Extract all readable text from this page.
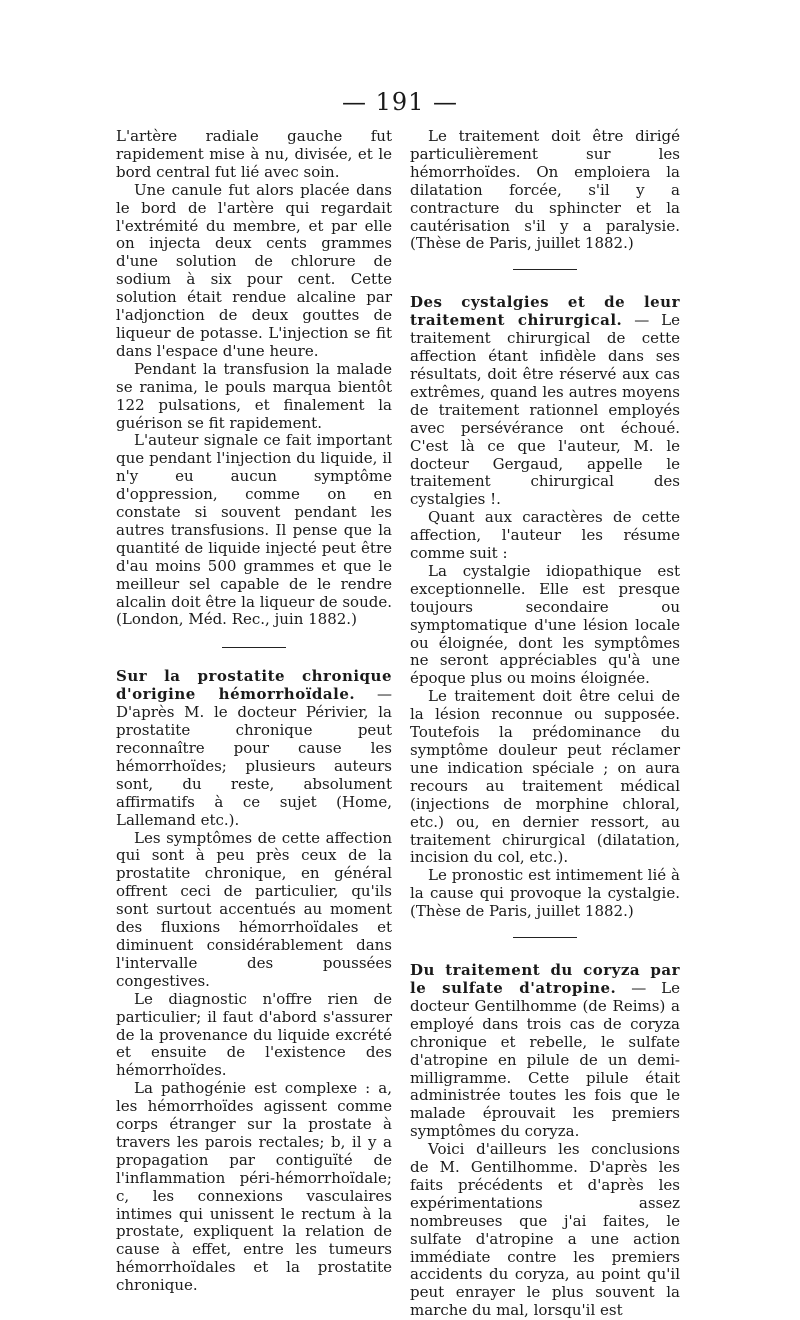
— 191 —

L'artère radiale gauche fut rapidement mise à nu, divisée, et le bord central fut lié avec soin.

Une canule fut alors placée dans le bord de l'artère qui regardait l'extrémité du membre, et par elle on injecta deux cents grammes d'une solution de chlorure de sodium à six pour cent. Cette solution était rendue alcaline par l'adjonction de deux gouttes de liqueur de potasse. L'injection se fit dans l'espace d'une heure.

Pendant la transfusion la malade se ranima, le pouls marqua bientôt 122 pulsations, et finalement la guérison se fit rapidement.

L'auteur signale ce fait important que pendant l'injection du liquide, il n'y eu aucun symptôme d'oppression, comme on en constate si souvent pendant les autres transfusions. Il pense que la quantité de liquide injecté peut être d'au moins 500 grammes et que le meilleur sel capable de le rendre alcalin doit être la liqueur de soude. (London, Méd. Rec., juin 1882.)

Sur la prostatite chronique d'origine hémorrhoïdale. — D'après M. le docteur Périvier, la prostatite chronique peut reconnaître pour cause les hémorrhoïdes; plusieurs auteurs sont, du reste, absolument affirmatifs à ce sujet (Home, Lallemand etc.).

Les symptômes de cette affection qui sont à peu près ceux de la prostatite chronique, en général offrent ceci de particulier, qu'ils sont surtout accentués au moment des fluxions hémorrhoïdales et diminuent considérablement dans l'intervalle des poussées congestives.

Le diagnostic n'offre rien de particulier; il faut d'abord s'assurer de la provenance du liquide excrété et ensuite de l'existence des hémorrhoïdes.

La pathogénie est complexe : a, les hémorrhoïdes agissent comme corps étranger sur la prostate à travers les parois rectales; b, il y a propagation par contiguïté de l'inflammation péri-hémorrhoïdale; c, les connexions vasculaires intimes qui unissent le rectum à la prostate, expliquent la relation de cause à effet, entre les tumeurs hémorrhoïdales et la prostatite chronique.

Le traitement doit être dirigé particulièrement sur les hémorrhoïdes. On emploiera la dilatation forcée, s'il y a contracture du sphincter et la cautérisation s'il y a paralysie. (Thèse de Paris, juillet 1882.)

Des cystalgies et de leur traitement chirurgical. — Le traitement chirurgical de cette affection étant infidèle dans ses résultats, doit être réservé aux cas extrêmes, quand les autres moyens de traitement rationnel employés avec persévérance ont échoué. C'est là ce que l'auteur, M. le docteur Gergaud, appelle le traitement chirurgical des cystalgies !.

Quant aux caractères de cette affection, l'auteur les résume comme suit :

La cystalgie idiopathique est exceptionnelle. Elle est presque toujours secondaire ou symptomatique d'une lésion locale ou éloignée, dont les symptômes ne seront appréciables qu'à une époque plus ou moins éloignée.

Le traitement doit être celui de la lésion reconnue ou supposée. Toutefois la prédominance du symptôme douleur peut réclamer une indication spéciale ; on aura recours au traitement médical (injections de morphine chloral, etc.) ou, en dernier ressort, au traitement chirurgical (dilatation, incision du col, etc.).

Le pronostic est intimement lié à la cause qui provoque la cystalgie. (Thèse de Paris, juillet 1882.)

Du traitement du coryza par le sulfate d'atropine. — Le docteur Gentilhomme (de Reims) a employé dans trois cas de coryza chronique et rebelle, le sulfate d'atropine en pilule de un demi-milligramme. Cette pilule était administrée toutes les fois que le malade éprouvait les premiers symptômes du coryza.

Voici d'ailleurs les conclusions de M. Gentilhomme. D'après les faits précédents et d'après les expérimentations assez nombreuses que j'ai faites, le sulfate d'atropine a une action immédiate contre les premiers accidents du coryza, au point qu'il peut enrayer le plus souvent la marche du mal, lorsqu'il est
